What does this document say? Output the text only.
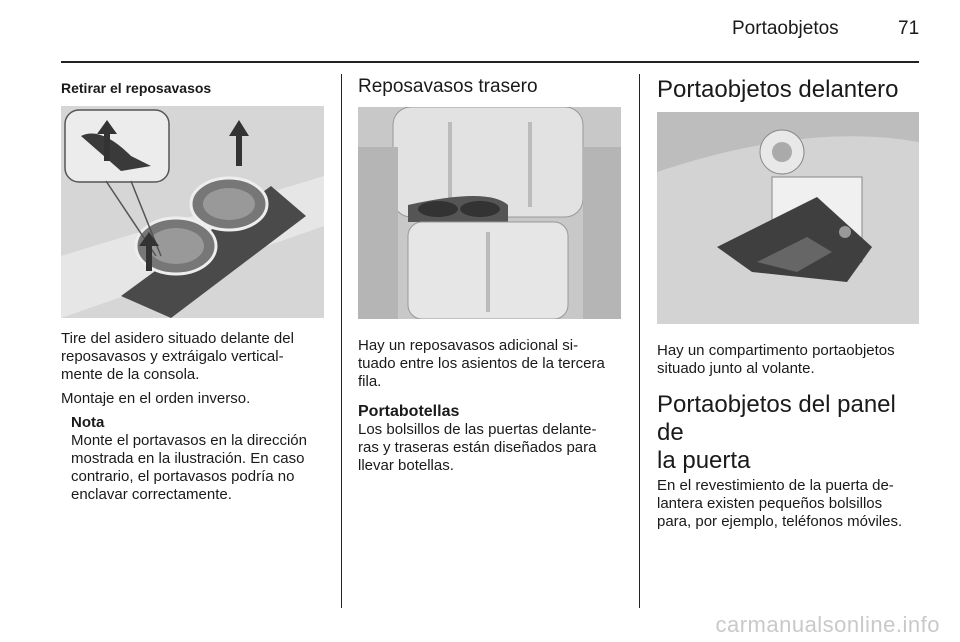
Portaobjetos	71
Retirar el reposavasos
Tire del asidero situado delante del
reposavasos y extráigalo vertical-
mente de la consola.
Montaje en el orden inverso.
Nota
Monte el portavasos en la dirección
mostrada en la ilustración. En caso
contrario, el portavasos podría no
enclavar correctamente.
Reposavasos trasero
Hay un reposavasos adicional si-
tuado entre los asientos de la tercera
fila.
Portabotellas
Los bolsillos de las puertas delante-
ras y traseras están diseñados para
llevar botellas.
Portaobjetos delantero
Hay un compartimento portaobjetos
situado junto al volante.
Portaobjetos del panel de
la puerta
En el revestimiento de la puerta de-
lantera existen pequeños bolsillos
para, por ejemplo, teléfonos móviles.
carmanualsonline.info
